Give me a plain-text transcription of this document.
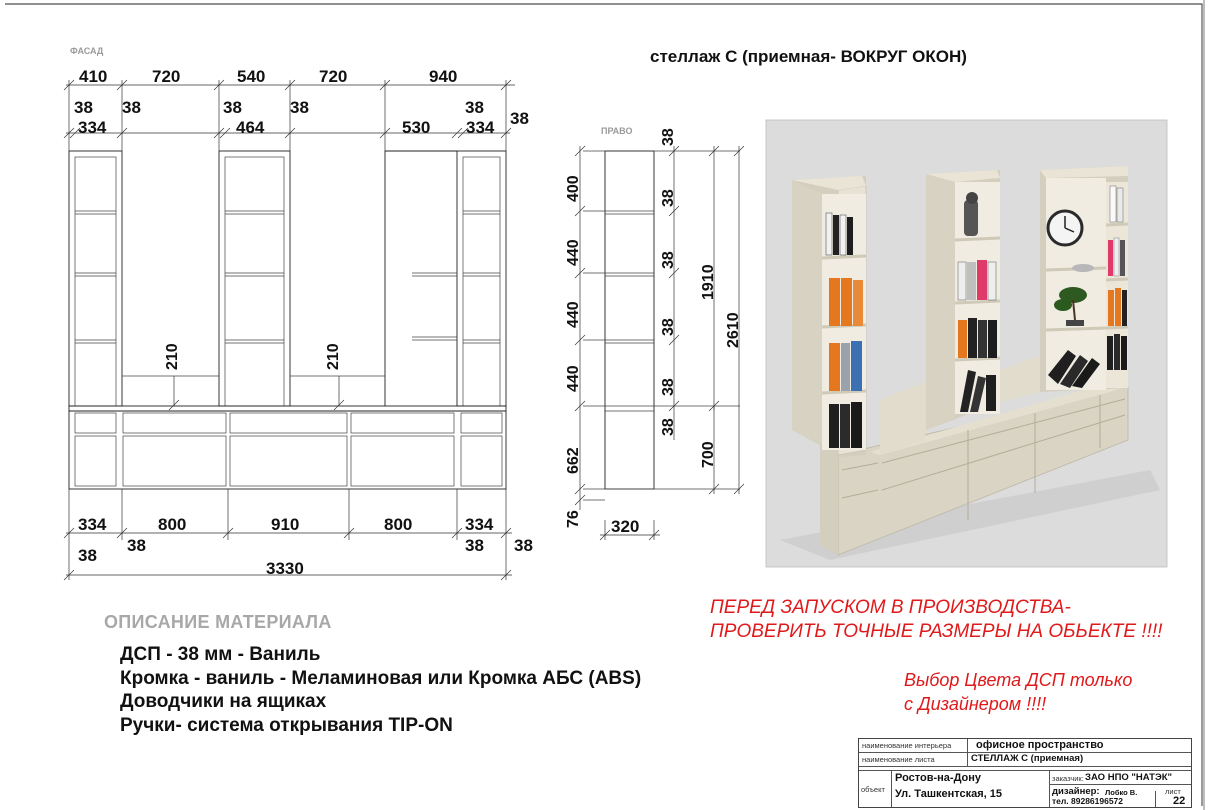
ФАСАД
ПРАВО
410	720	540	720	940
38 38	38	38	38
38
334	464	530 334
210	210
334	800	910	800	334
38
38	38 38
3330
400
440
440
440
662
76
38
38
38
38
38
38
1910
2610
700
320
стеллаж С (приемная- ВОКРУГ ОКОН)
ОПИСАНИЕ МАТЕРИАЛА
ДСП - 38 мм - Ваниль
Кромка - ваниль - Меламиновая или Кромка АБС (ABS)
Доводчики на ящиках
Ручки- система открывания TIP-ON
ПЕРЕД ЗАПУСКОМ В ПРОИЗВОДСТВА-
ПРОВЕРИТЬ ТОЧНЫЕ РАЗМЕРЫ НА ОБЬЕКТЕ !!!!
Выбор Цвета ДСП только
с Дизайнером !!!!
наименование интерьера офисное пространство
наименование листа	СТЕЛЛАЖ С (приемная)
объект
Ростов-на-Дону
Ул. Ташкентская, 15
заказчик: ЗАО НПО "НАТЭК"
дизайнер: Лобко В.
тел. 89286196572
лист
22
